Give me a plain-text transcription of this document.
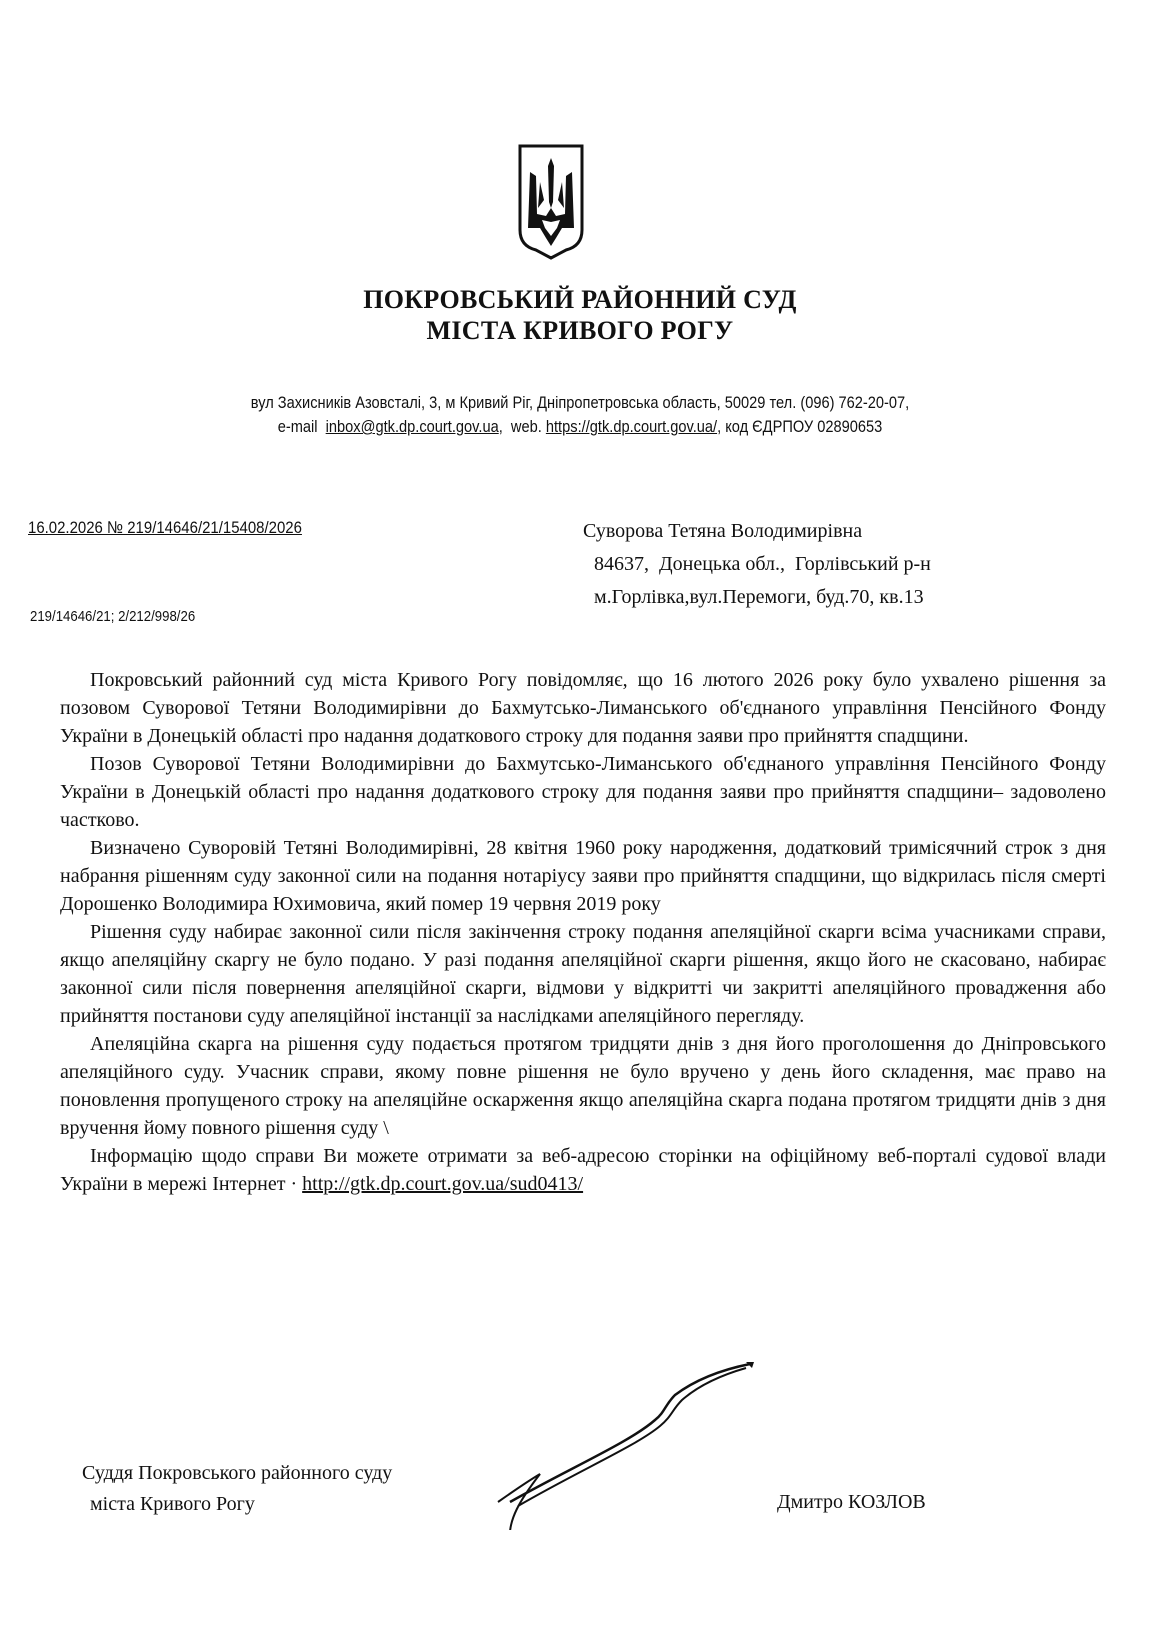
ПОКРОВСЬКИЙ РАЙОННИЙ СУД
МІСТА КРИВОГО РОГУ
вул Захисників Азовсталі, 3, м Кривий Ріг, Дніпропетровська область, 50029 тел. (096) 762-20-07,
e-mail inbox@gtk.dp.court.gov.ua,  web. https://gtk.dp.court.gov.ua/, код ЄДРПОУ 02890653
16.02.2026 № 219/14646/21/15408/2026
219/14646/21; 2/212/998/26
Суворова Тетяна Володимирівна
84637,  Донецька обл.,  Горлівський р-н
м.Горлівка,вул.Перемоги, буд.70, кв.13

Покровський районний суд міста Кривого Рогу повідомляє, що 16 лютого 2026 року було ухвалено рішення за позовом Суворової Тетяни Володимирівни до Бахмутсько-Лиманського об'єднаного управління Пенсійного Фонду України в Донецькій області про надання додаткового строку для подання заяви про прийняття спадщини.

Позов Суворової Тетяни Володимирівни до Бахмутсько-Лиманського об'єднаного управління Пенсійного Фонду України в Донецькій області про надання додаткового строку для подання заяви про прийняття спадщини– задоволено частково.

Визначено Суворовій Тетяні Володимирівні, 28 квітня 1960 року народження, додатковий тримісячний строк з дня набрання рішенням суду законної сили на подання нотаріусу заяви про прийняття спадщини, що відкрилась після смерті Дорошенко Володимира Юхимовича, який помер 19 червня 2019 року

Рішення суду набирає законної сили після закінчення строку подання апеляційної скарги всіма учасниками справи, якщо апеляційну скаргу не було подано. У разі подання апеляційної скарги рішення, якщо його не скасовано, набирає законної сили після повернення апеляційної скарги, відмови у відкритті чи закритті апеляційного провадження або прийняття постанови суду апеляційної інстанції за наслідками апеляційного перегляду.

Апеляційна скарга на рішення суду подається протягом тридцяти днів з дня його проголошення до Дніпровського апеляційного суду. Учасник справи, якому повне рішення не було вручено у день його складення, має право на поновлення пропущеного строку на апеляційне оскарження якщо апеляційна скарга подана протягом тридцяти днів з дня вручення йому повного рішення суду \

Інформацію щодо справи Ви можете отримати за веб-адресою сторінки на офіційному веб-порталі судової влади України в мережі Інтернет · http://gtk.dp.court.gov.ua/sud0413/

Суддя Покровського районного суду
міста Кривого Рогу	Дмитро КОЗЛОВ
